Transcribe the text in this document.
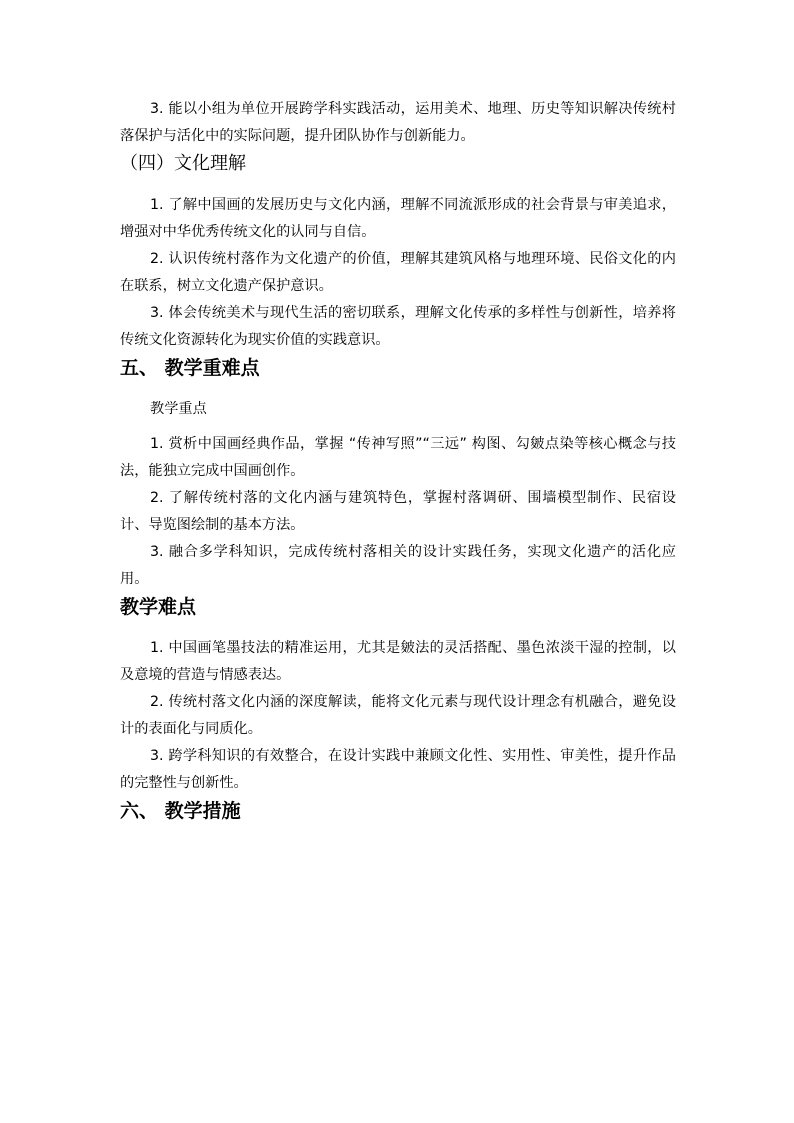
3. 能以小组为单位开展跨学科实践活动，运用美术、地理、历史等知识解决传统村落保护与活化中的实际问题，提升团队协作与创新能力。

（四）文化理解

1. 了解中国画的发展历史与文化内涵，理解不同流派形成的社会背景与审美追求，增强对中华优秀传统文化的认同与自信。

2. 认识传统村落作为文化遗产的价值，理解其建筑风格与地理环境、民俗文化的内在联系，树立文化遗产保护意识。

3. 体会传统美术与现代生活的密切联系，理解文化传承的多样性与创新性，培养将传统文化资源转化为现实价值的实践意识。

五、 教学重难点

教学重点

1. 赏析中国画经典作品，掌握 “传神写照”“三远” 构图、勾皴点染等核心概念与技法，能独立完成中国画创作。

2. 了解传统村落的文化内涵与建筑特色，掌握村落调研、围墙模型制作、民宿设计、导览图绘制的基本方法。

3. 融合多学科知识，完成传统村落相关的设计实践任务，实现文化遗产的活化应用。

教学难点

1. 中国画笔墨技法的精准运用，尤其是皴法的灵活搭配、墨色浓淡干湿的控制，以及意境的营造与情感表达。

2. 传统村落文化内涵的深度解读，能将文化元素与现代设计理念有机融合，避免设计的表面化与同质化。

3. 跨学科知识的有效整合，在设计实践中兼顾文化性、实用性、审美性，提升作品的完整性与创新性。

六、 教学措施
